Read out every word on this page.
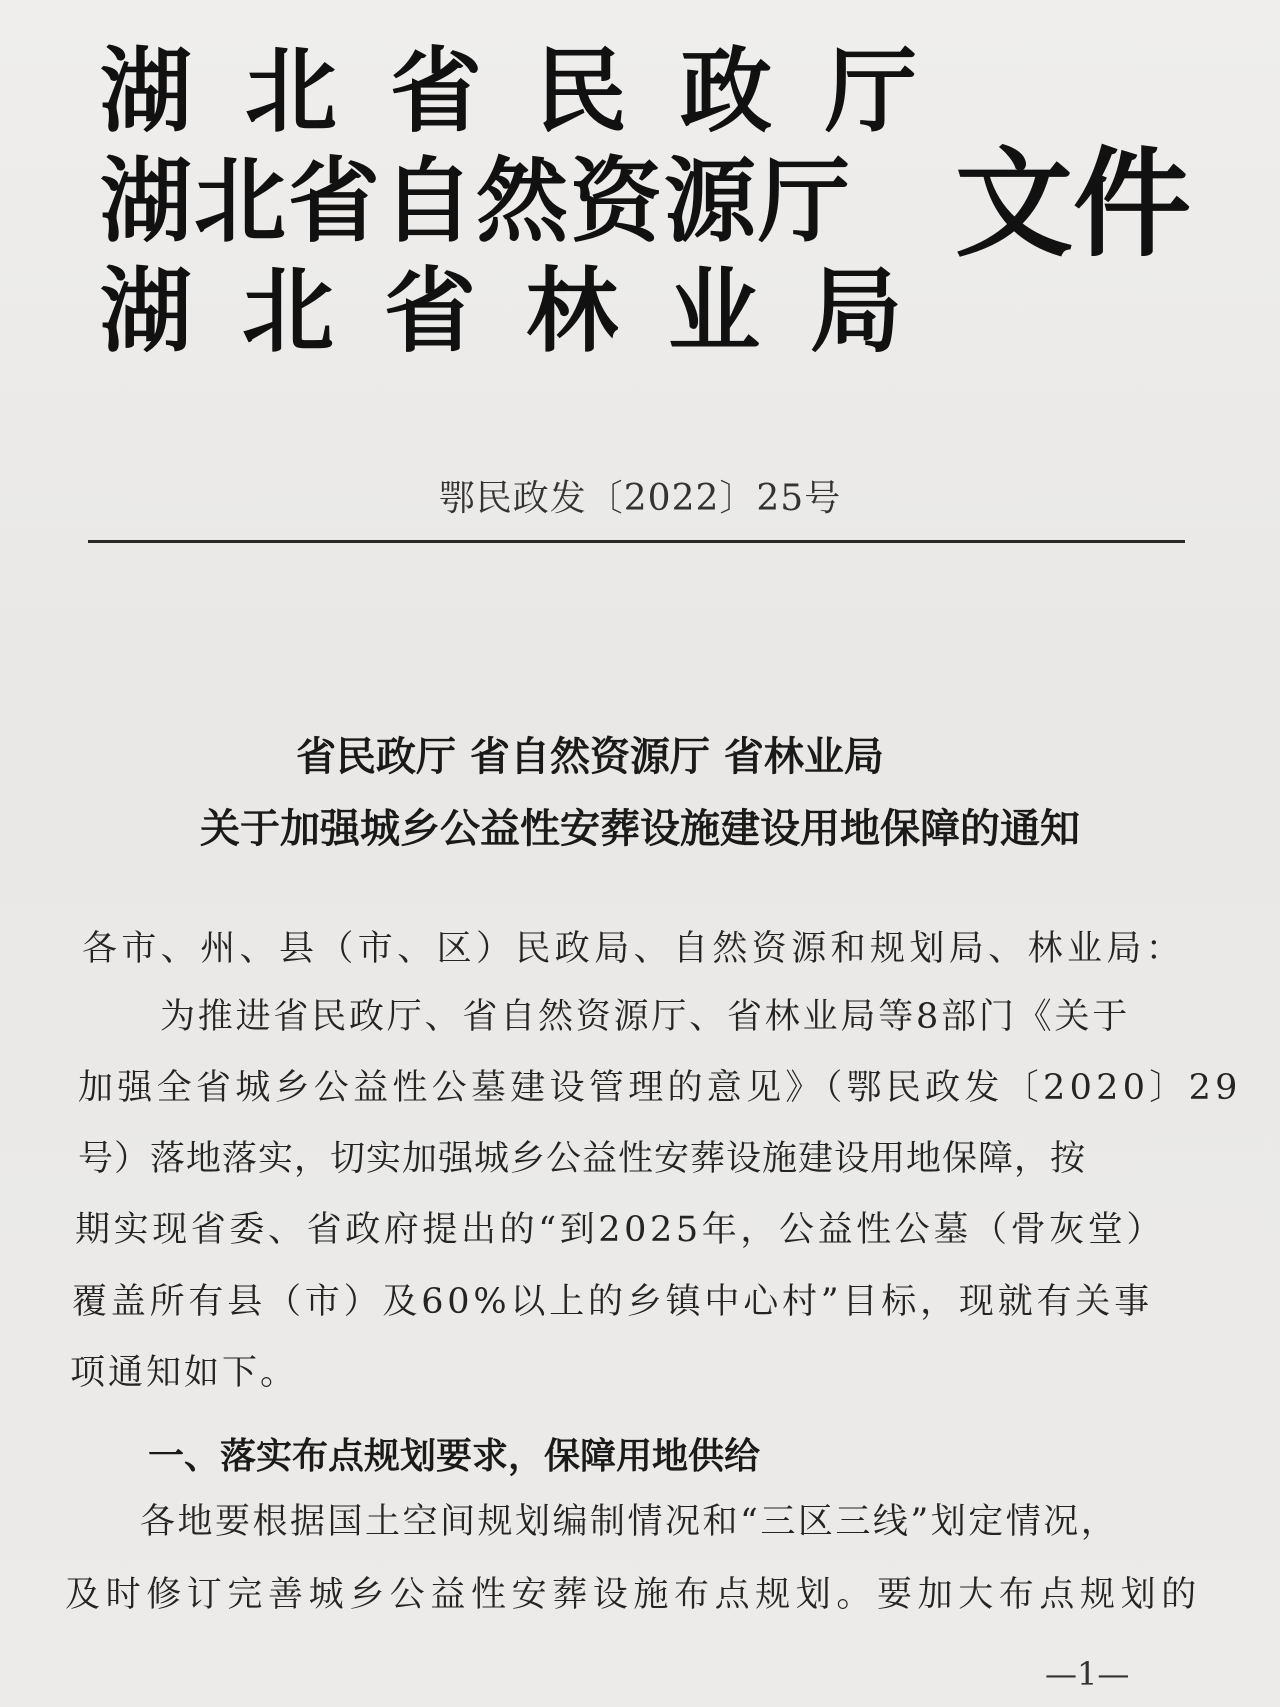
湖北省民政厅
湖北省自然资源厅
湖北省林业局
文件
鄂民政发〔2022〕25号
省民政厅 省自然资源厅 省林业局
关于加强城乡公益性安葬设施建设用地保障的通知
各市、州、县（市、区）民政局、自然资源和规划局、林业局：
为推进省民政厅、省自然资源厅、省林业局等8部门《关于
加强全省城乡公益性公墓建设管理的意见》（鄂民政发〔2020〕29
号）落地落实，切实加强城乡公益性安葬设施建设用地保障，按
期实现省委、省政府提出的“到2025年，公益性公墓（骨灰堂）
覆盖所有县（市）及60%以上的乡镇中心村”目标，现就有关事
项通知如下。
一、落实布点规划要求，保障用地供给
各地要根据国土空间规划编制情况和“三区三线”划定情况，
及时修订完善城乡公益性安葬设施布点规划。要加大布点规划的
—1—
